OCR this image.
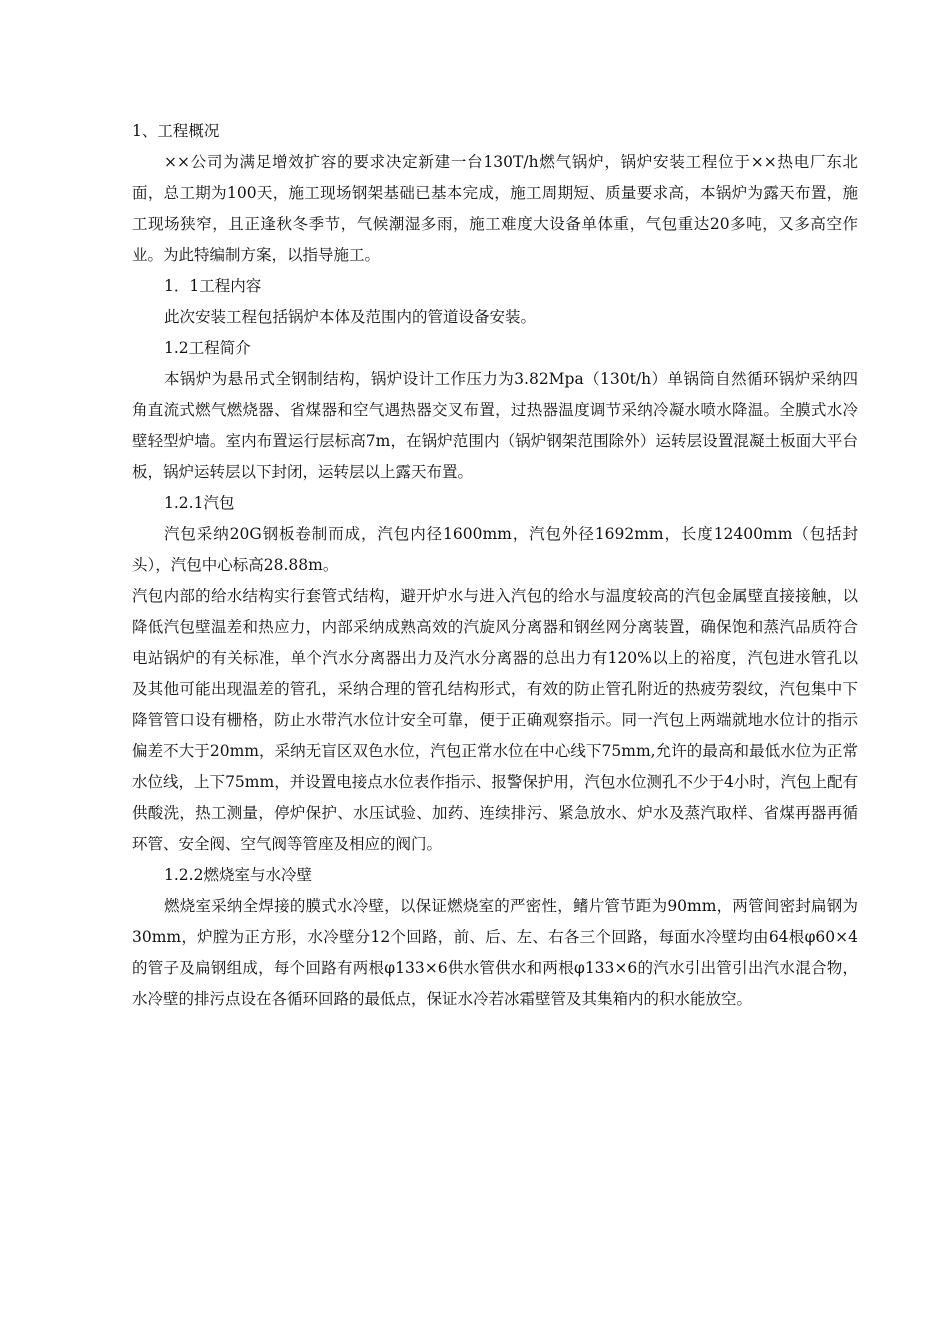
1、工程概况

××公司为满足增效扩容的要求决定新建一台130T/h燃气锅炉，锅炉安装工程位于××热电厂东北面，总工期为100天，施工现场钢架基础已基本完成，施工周期短、质量要求高，本锅炉为露天布置，施工现场狭窄，且正逢秋冬季节，气候潮湿多雨，施工难度大设备单体重，气包重达20多吨，又多高空作业。为此特编制方案，以指导施工。

1．1工程内容

此次安装工程包括锅炉本体及范围内的管道设备安装。

1.2工程简介

本锅炉为悬吊式全钢制结构，锅炉设计工作压力为3.82Mpa（130t/h）单锅筒自然循环锅炉采纳四角直流式燃气燃烧器、省煤器和空气遇热器交叉布置，过热器温度调节采纳冷凝水喷水降温。全膜式水冷壁轻型炉墙。室内布置运行层标高7m，在锅炉范围内（锅炉钢架范围除外）运转层设置混凝土板面大平台板，锅炉运转层以下封闭，运转层以上露天布置。

1.2.1汽包

汽包采纳20G钢板卷制而成，汽包内径1600mm，汽包外径1692mm，长度12400mm（包括封头），汽包中心标高28.88m。

汽包内部的给水结构实行套管式结构，避开炉水与进入汽包的给水与温度较高的汽包金属壁直接接触，以降低汽包壁温差和热应力，内部采纳成熟高效的汽旋风分离器和钢丝网分离装置，确保饱和蒸汽品质符合电站锅炉的有关标准，单个汽水分离器出力及汽水分离器的总出力有120%以上的裕度，汽包进水管孔以及其他可能出现温差的管孔，采纳合理的管孔结构形式，有效的防止管孔附近的热疲劳裂纹，汽包集中下降管管口设有栅格，防止水带汽水位计安全可靠，便于正确观察指示。同一汽包上两端就地水位计的指示偏差不大于20mm，采纳无盲区双色水位，汽包正常水位在中心线下75mm,允许的最高和最低水位为正常水位线，上下75mm，并设置电接点水位表作指示、报警保护用，汽包水位测孔不少于4小时，汽包上配有供酸洗，热工测量，停炉保护、水压试验、加药、连续排污、紧急放水、炉水及蒸汽取样、省煤再器再循环管、安全阀、空气阀等管座及相应的阀门。

1.2.2燃烧室与水冷壁

燃烧室采纳全焊接的膜式水冷壁，以保证燃烧室的严密性，鳍片管节距为90mm，两管间密封扁钢为30mm，炉膛为正方形，水冷壁分12个回路，前、后、左、右各三个回路，每面水冷壁均由64根φ60×4的管子及扁钢组成，每个回路有两根φ133×6供水管供水和两根φ133×6的汽水引出管引出汽水混合物，水冷壁的排污点设在各循环回路的最低点，保证水冷若冰霜壁管及其集箱内的积水能放空。
